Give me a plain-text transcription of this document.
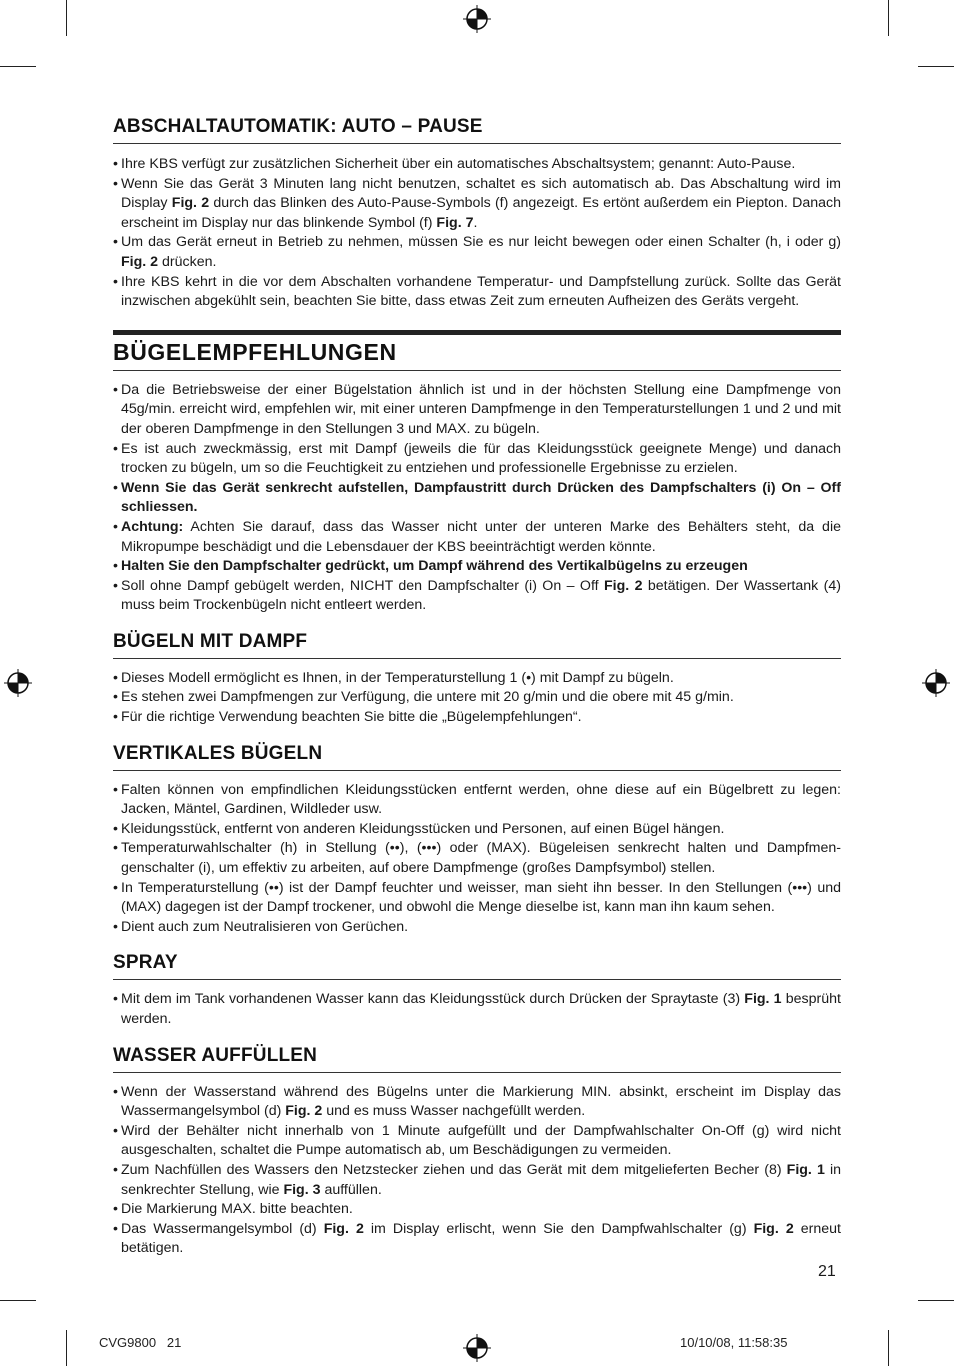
ABSCHALTAUTOMATIK: AUTO – PAUSE
• Ihre KBS verfügt zur zusätzlichen Sicherheit über ein automatisches Abschaltsystem; genannt: Auto-Pause.
• Wenn Sie das Gerät 3 Minuten lang nicht benutzen, schaltet es sich automatisch ab. Das Abschaltung wird im Display Fig. 2 durch das Blinken des Auto-Pause-Symbols (f) angezeigt. Es ertönt außerdem ein Piepton. Danach erscheint im Display nur das blinkende Symbol (f) Fig. 7.
• Um das Gerät erneut in Betrieb zu nehmen, müssen Sie es nur leicht bewegen oder einen Schalter (h, i oder g) Fig. 2 drücken.
• Ihre KBS kehrt in die vor dem Abschalten vorhandene Temperatur- und Dampfstellung zurück. Sollte das Gerät inzwischen abgekühlt sein, beachten Sie bitte, dass etwas Zeit zum erneuten Aufheizen des Geräts vergeht.
BÜGELEMPFEHLUNGEN
• Da die Betriebsweise der einer Bügelstation ähnlich ist und in der höchsten Stellung eine Dampfmenge von 45g/min. erreicht wird, empfehlen wir, mit einer unteren Dampfmenge in den Temperaturstellungen 1 und 2 und mit der oberen Dampfmenge in den Stellungen 3 und MAX. zu bügeln.
• Es ist auch zweckmässig, erst mit Dampf (jeweils die für das Kleidungsstück geeignete Menge) und danach trocken zu bügeln, um so die Feuchtigkeit zu entziehen und professionelle Ergebnisse zu erzielen.
• Wenn Sie das Gerät senkrecht aufstellen, Dampfaustritt durch Drücken des Dampfschalters (i) On – Off schliessen.
• Achtung: Achten Sie darauf, dass das Wasser nicht unter der unteren Marke des Behälters steht, da die Mikropumpe beschädigt und die Lebensdauer der KBS beeinträchtigt werden könnte.
• Halten Sie den Dampfschalter gedrückt, um Dampf während des Vertikalbügelns zu erzeugen
• Soll ohne Dampf gebügelt werden, NICHT den Dampfschalter (i) On – Off Fig. 2 betätigen. Der Wassertank (4) muss beim Trockenbügeln nicht entleert werden.
BÜGELN MIT DAMPF
• Dieses Modell ermöglicht es Ihnen, in der Temperaturstellung 1 (•) mit Dampf zu bügeln.
• Es stehen zwei Dampfmengen zur Verfügung, die untere mit 20 g/min und die obere mit 45 g/min.
• Für die richtige Verwendung beachten Sie bitte die „Bügelempfehlungen“.
VERTIKALES BÜGELN
• Falten können von empfindlichen Kleidungsstücken entfernt werden, ohne diese auf ein Bügelbrett zu legen: Jacken, Mäntel, Gardinen, Wildleder usw.
• Kleidungsstück, entfernt von anderen Kleidungsstücken und Personen, auf einen Bügel hängen.
• Temperaturwahlschalter (h) in Stellung (••), (•••) oder (MAX). Bügeleisen senkrecht halten und Dampfmen-genschalter (i), um effektiv zu arbeiten, auf obere Dampfmenge (großes Dampfsymbol) stellen.
• In Temperaturstellung (••) ist der Dampf feuchter und weisser, man sieht ihn besser. In den Stellungen (•••) und (MAX) dagegen ist der Dampf trockener, und obwohl die Menge dieselbe ist, kann man ihn kaum sehen.
• Dient auch zum Neutralisieren von Gerüchen.
SPRAY
• Mit dem im Tank vorhandenen Wasser kann das Kleidungsstück durch Drücken der Spraytaste (3) Fig. 1 besprüht werden.
WASSER AUFFÜLLEN
• Wenn der Wasserstand während des Bügelns unter die Markierung MIN. absinkt, erscheint im Display das Wassermangelsymbol (d) Fig. 2 und es muss Wasser nachgefüllt werden.
• Wird der Behälter nicht innerhalb von 1 Minute aufgefüllt und der Dampfwahlschalter On-Off (g) wird nicht ausgeschalten, schaltet die Pumpe automatisch ab, um Beschädigungen zu vermeiden.
• Zum Nachfüllen des Wassers den Netzstecker ziehen und das Gerät mit dem mitgelieferten Becher (8) Fig. 1 in senkrechter Stellung, wie Fig. 3 auffüllen.
• Die Markierung MAX. bitte beachten.
• Das Wassermangelsymbol (d) Fig. 2 im Display erlischt, wenn Sie den Dampfwahlschalter (g) Fig. 2 erneut betätigen.
21
CVG9800   21	10/10/08, 11:58:35
